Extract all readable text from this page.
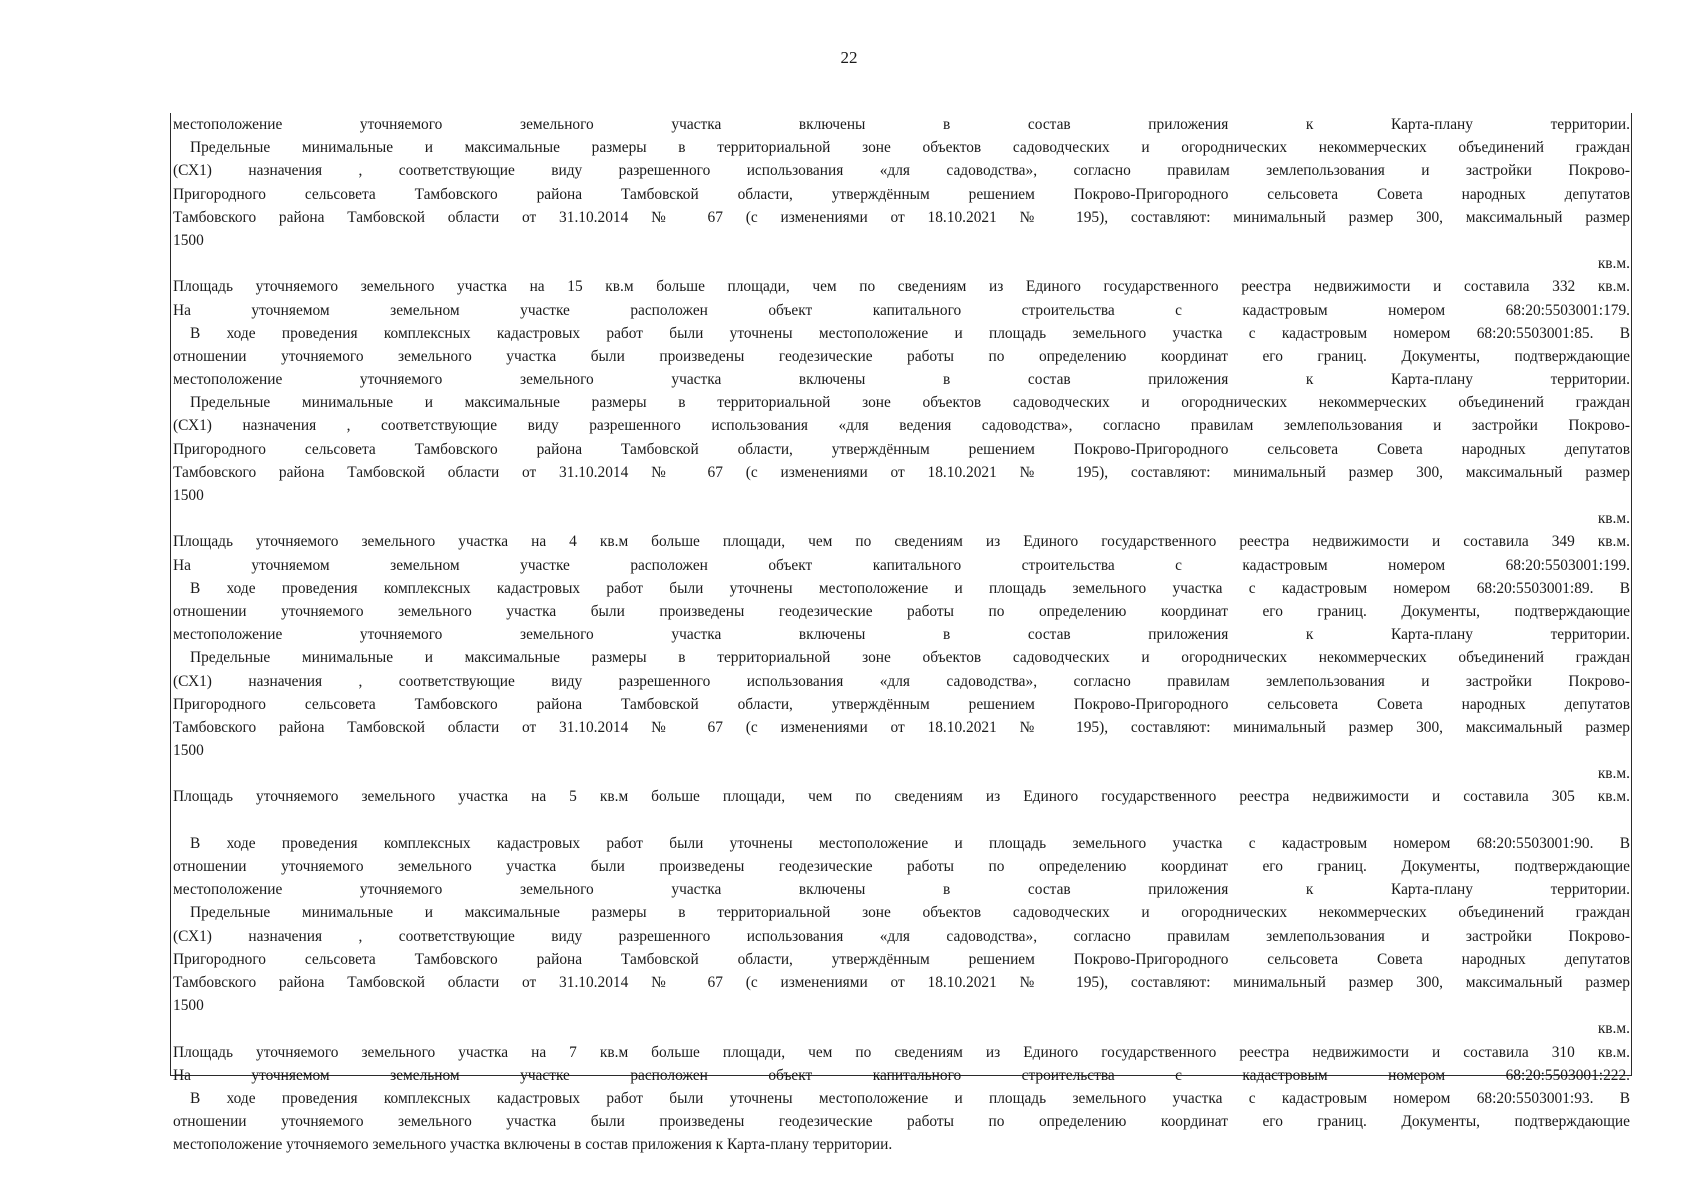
22
местоположение уточняемого земельного участка включены в состав приложения к Карта-плану территории.
Предельные минимальные и максимальные размеры в территориальной зоне объектов садоводческих и огороднических некоммерческих объединений граждан
(СХ1) назначения , соответствующие виду разрешенного использования «для садоводства», согласно правилам землепользования и застройки Покрово-
Пригородного сельсовета Тамбовского района Тамбовской области, утверждённым решением Покрово-Пригородного сельсовета Совета народных депутатов
Тамбовского района Тамбовской области от 31.10.2014 № 67 (с изменениями от 18.10.2021 № 195), составляют: минимальный размер 300, максимальный размер
1500
кв.м.
Площадь уточняемого земельного участка на 15 кв.м больше площади, чем по сведениям из Единого государственного реестра недвижимости и составила 332 кв.м.
На уточняемом земельном участке расположен объект капитального строительства с кадастровым номером 68:20:5503001:179.
В ходе проведения комплексных кадастровых работ были уточнены местоположение и площадь земельного участка с кадастровым номером 68:20:5503001:85. В
отношении уточняемого земельного участка были произведены геодезические работы по определению координат его границ. Документы, подтверждающие
местоположение уточняемого земельного участка включены в состав приложения к Карта-плану территории.
Предельные минимальные и максимальные размеры в территориальной зоне объектов садоводческих и огороднических некоммерческих объединений граждан
(СХ1) назначения , соответствующие виду разрешенного использования «для ведения садоводства», согласно правилам землепользования и застройки Покрово-
Пригородного сельсовета Тамбовского района Тамбовской области, утверждённым решением Покрово-Пригородного сельсовета Совета народных депутатов
Тамбовского района Тамбовской области от 31.10.2014 № 67 (с изменениями от 18.10.2021 № 195), составляют: минимальный размер 300, максимальный размер
1500
кв.м.
Площадь уточняемого земельного участка на 4 кв.м больше площади, чем по сведениям из Единого государственного реестра недвижимости и составила 349 кв.м.
На уточняемом земельном участке расположен объект капитального строительства с кадастровым номером 68:20:5503001:199.
В ходе проведения комплексных кадастровых работ были уточнены местоположение и площадь земельного участка с кадастровым номером 68:20:5503001:89. В
отношении уточняемого земельного участка были произведены геодезические работы по определению координат его границ. Документы, подтверждающие
местоположение уточняемого земельного участка включены в состав приложения к Карта-плану территории.
Предельные минимальные и максимальные размеры в территориальной зоне объектов садоводческих и огороднических некоммерческих объединений граждан
(СХ1) назначения , соответствующие виду разрешенного использования «для садоводства», согласно правилам землепользования и застройки Покрово-
Пригородного сельсовета Тамбовского района Тамбовской области, утверждённым решением Покрово-Пригородного сельсовета Совета народных депутатов
Тамбовского района Тамбовской области от 31.10.2014 № 67 (с изменениями от 18.10.2021 № 195), составляют: минимальный размер 300, максимальный размер
1500
кв.м.
Площадь уточняемого земельного участка на 5 кв.м больше площади, чем по сведениям из Единого государственного реестра недвижимости и составила 305 кв.м.
В ходе проведения комплексных кадастровых работ были уточнены местоположение и площадь земельного участка с кадастровым номером 68:20:5503001:90. В
отношении уточняемого земельного участка были произведены геодезические работы по определению координат его границ. Документы, подтверждающие
местоположение уточняемого земельного участка включены в состав приложения к Карта-плану территории.
Предельные минимальные и максимальные размеры в территориальной зоне объектов садоводческих и огороднических некоммерческих объединений граждан
(СХ1) назначения , соответствующие виду разрешенного использования «для садоводства», согласно правилам землепользования и застройки Покрово-
Пригородного сельсовета Тамбовского района Тамбовской области, утверждённым решением Покрово-Пригородного сельсовета Совета народных депутатов
Тамбовского района Тамбовской области от 31.10.2014 № 67 (с изменениями от 18.10.2021 № 195), составляют: минимальный размер 300, максимальный размер
1500
кв.м.
Площадь уточняемого земельного участка на 7 кв.м больше площади, чем по сведениям из Единого государственного реестра недвижимости и составила 310 кв.м.
На уточняемом земельном участке расположен объект капитального строительства с кадастровым номером 68:20:5503001:222.
В ходе проведения комплексных кадастровых работ были уточнены местоположение и площадь земельного участка с кадастровым номером 68:20:5503001:93. В
отношении уточняемого земельного участка были произведены геодезические работы по определению координат его границ. Документы, подтверждающие
местоположение уточняемого земельного участка включены в состав приложения к Карта-плану территории.
